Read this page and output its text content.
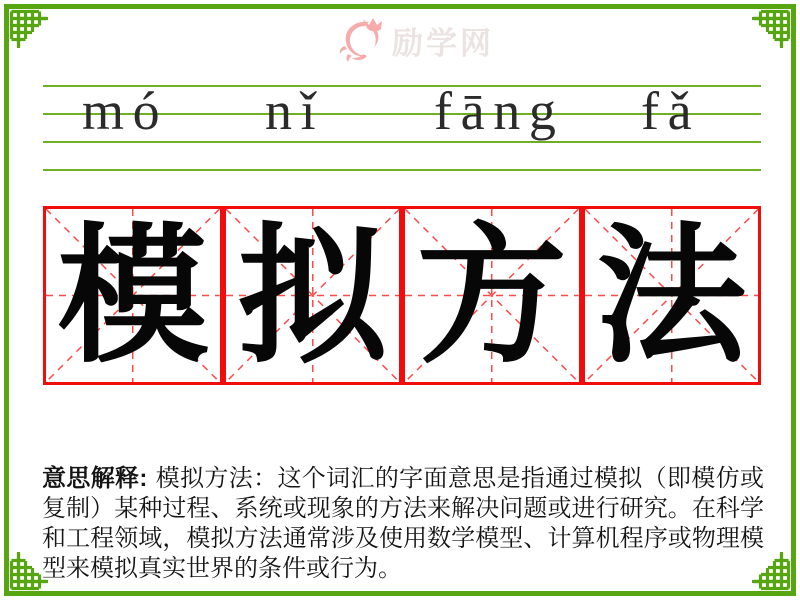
励学网
mó nǐ fāng fǎ
模 拟 方 法

意思解释: 模拟方法：这个词汇的字面意思是指通过模拟（即模仿或复制）某种过程、系统或现象的方法来解决问题或进行研究。在科学和工程领域，模拟方法通常涉及使用数学模型、计算机程序或物理模型来模拟真实世界的条件或行为。
